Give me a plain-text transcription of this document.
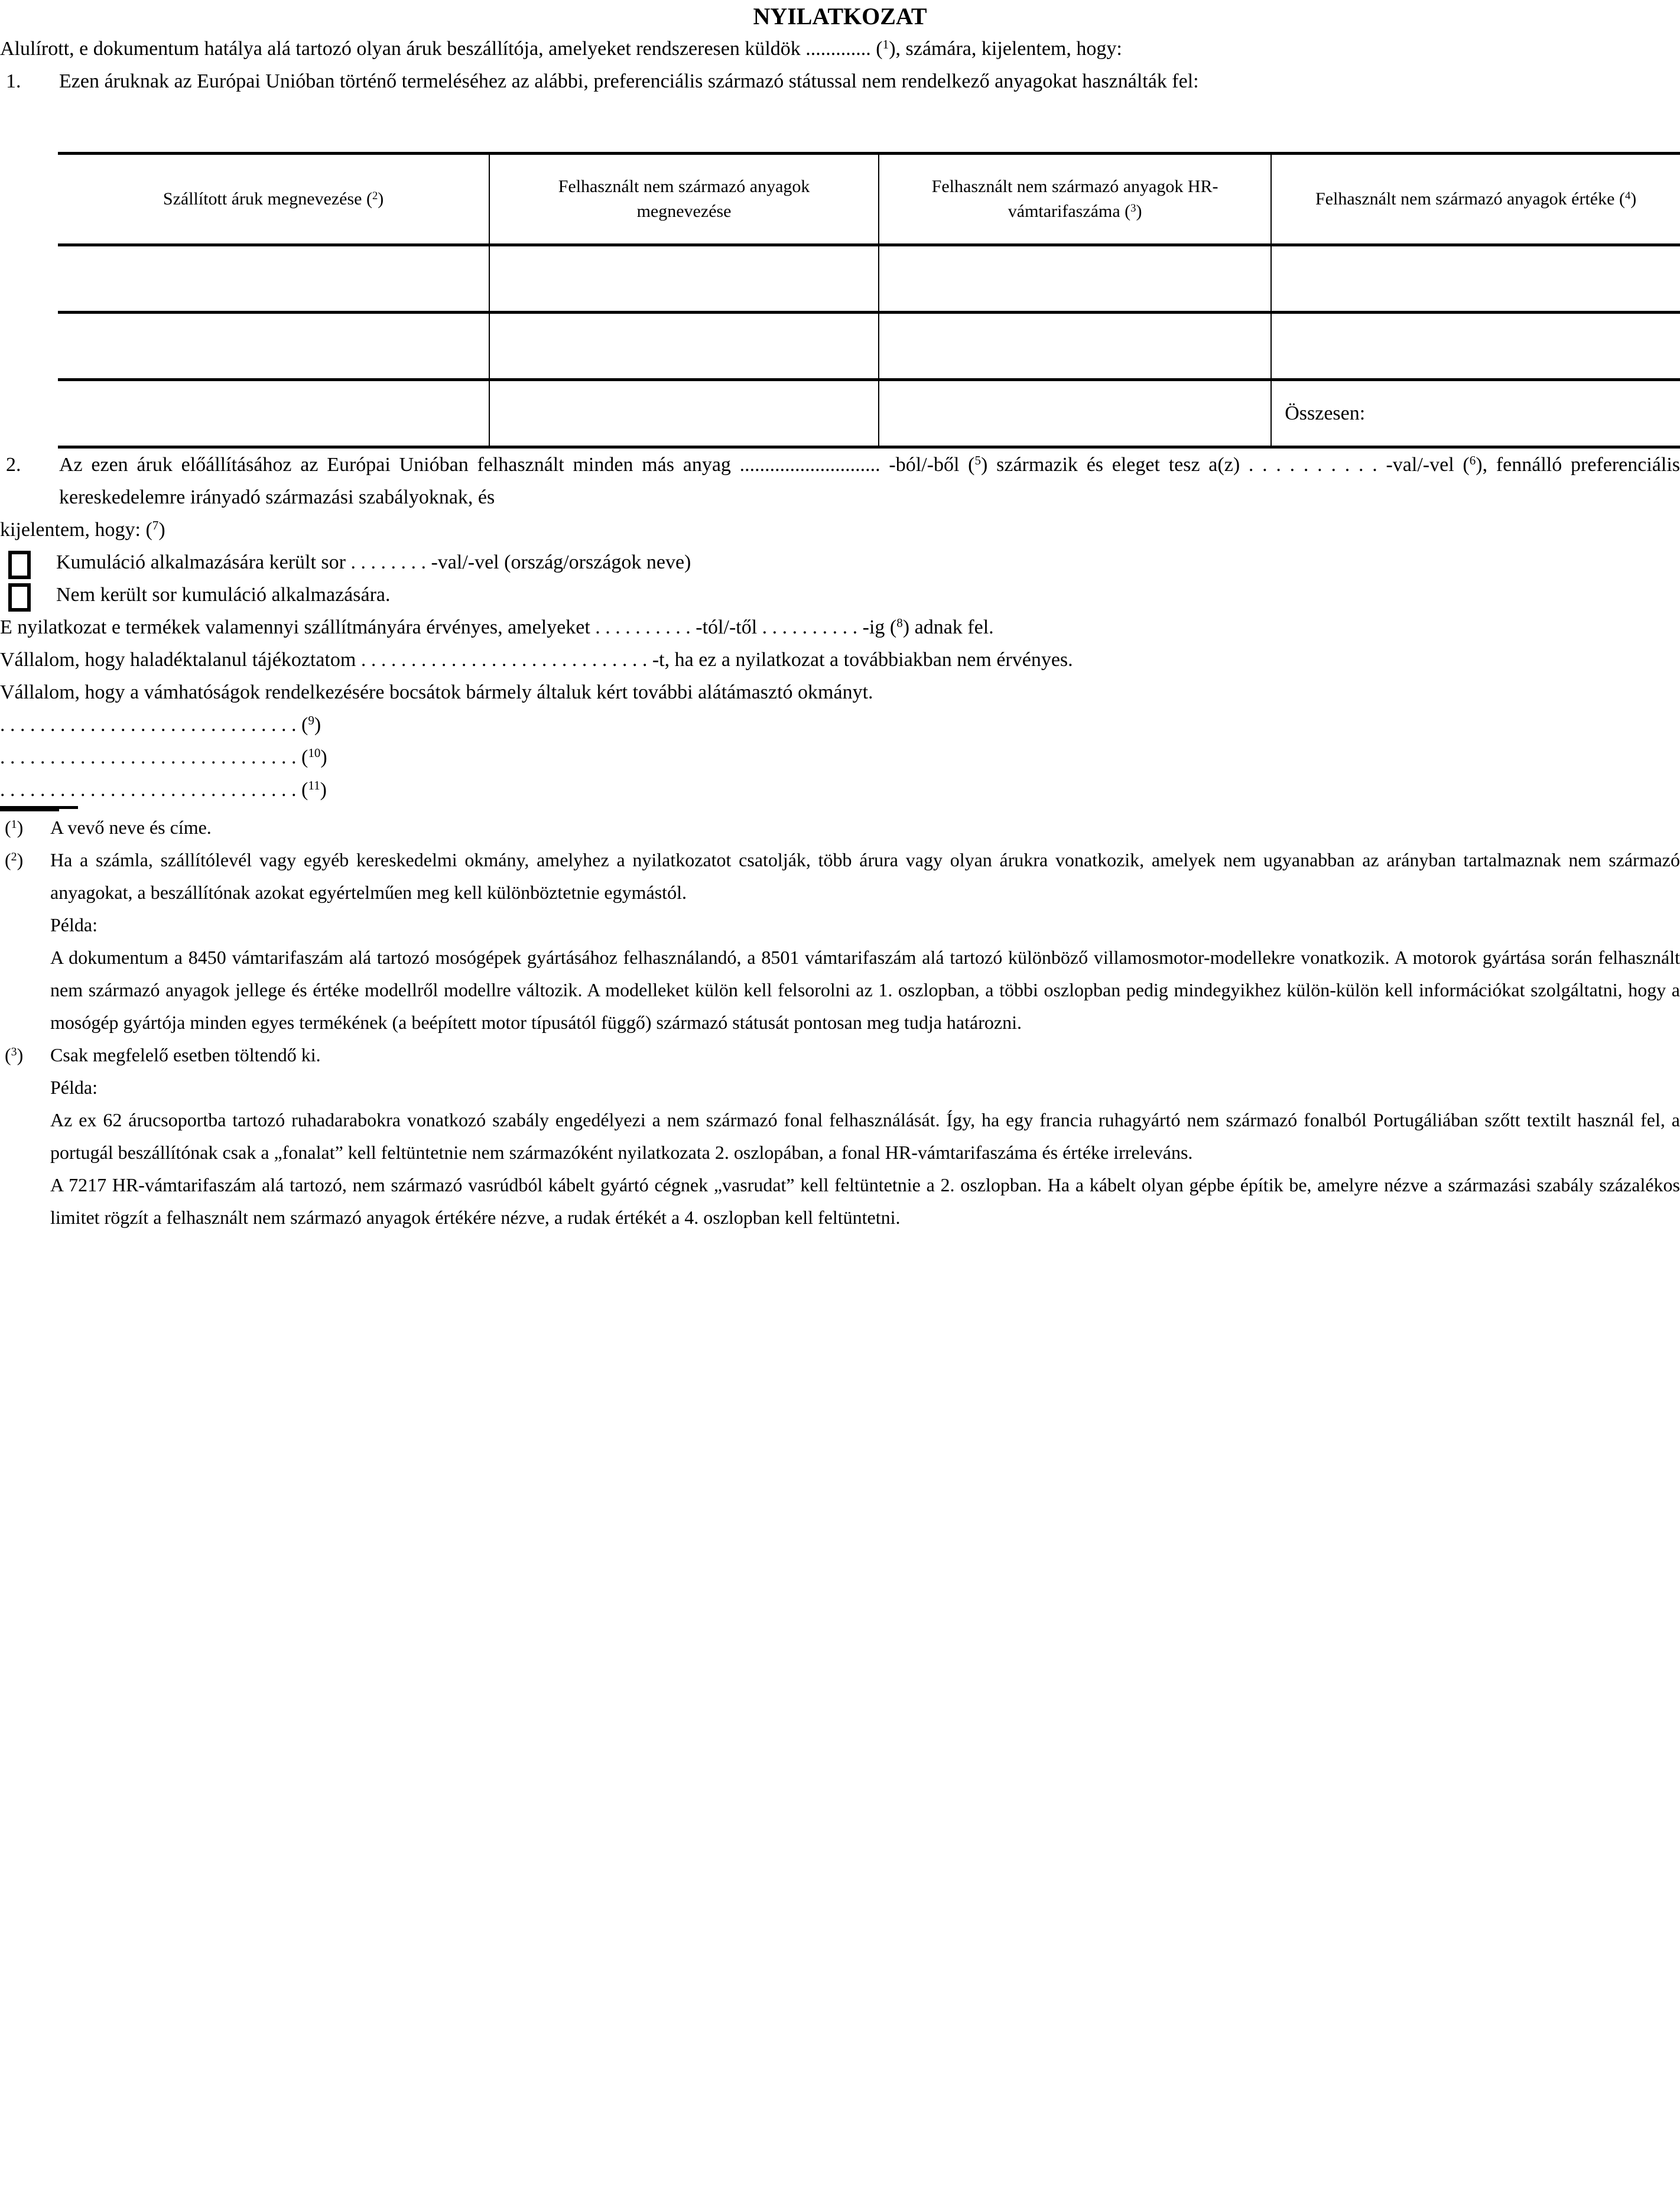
NYILATKOZAT

Alulírott, e dokumentum hatálya alá tartozó olyan áruk beszállítója, amelyeket rendszeresen küldök ............. ($^1$), számára, kijelentem, hogy:

1. Ezen áruknak az Európai Unióban történő termeléséhez az alábbi, preferenciális származó státussal nem rendelkező anyagokat használták fel:
Szállított áruk megnevezése ($^2$)	Felhasznált nem származó anyagok megnevezése	Felhasznált nem származó anyagok HR-vámtarifaszáma ($^3$)	Felhasznált nem származó anyagok értéke ($^4$)

			Összesen:
2. Az ezen áruk előállításához az Európai Unióban felhasznált minden más anyag ............................ -ból/-ből ($^5$) származik és eleget tesz a(z) . . . . . . . . . . -val/-vel ($^6$), fennálló preferenciális kereskedelemre irányadó származási szabályoknak, és

kijelentem, hogy: ($^7$)

Kumuláció alkalmazására került sor . . . . . . . . -val/-vel (ország/országok neve)
Nem került sor kumuláció alkalmazására.

E nyilatkozat e termékek valamennyi szállítmányára érvényes, amelyeket . . . . . . . . . . -tól/-től . . . . . . . . . . -ig ($^8$) adnak fel.

Vállalom, hogy haladéktalanul tájékoztatom . . . . . . . . . . . . . . . . . . . . . . . . . . . . . -t, ha ez a nyilatkozat a továbbiakban nem érvényes.

Vállalom, hogy a vámhatóságok rendelkezésére bocsátok bármely általuk kért további alátámasztó okmányt.

. . . . . . . . . . . . . . . . . . . . . . . . . . . . . . ($^9$)
. . . . . . . . . . . . . . . . . . . . . . . . . . . . . . ($^{10}$)
. . . . . . . . . . . . . . . . . . . . . . . . . . . . . . ($^{11}$)
($^1$) A vevő neve és címe.
($^2$) Ha a számla, szállítólevél vagy egyéb kereskedelmi okmány, amelyhez a nyilatkozatot csatolják, több árura vagy olyan árukra vonatkozik, amelyek nem ugyanabban az arányban tartalmaznak nem származó anyagokat, a beszállítónak azokat egyértelműen meg kell különböztetnie egymástól.
Példa:
A dokumentum a 8450 vámtarifaszám alá tartozó mosógépek gyártásához felhasználandó, a 8501 vámtarifaszám alá tartozó különböző villamosmotor-modellekre vonatkozik. A motorok gyártása során felhasznált nem származó anyagok jellege és értéke modellről modellre változik. A modelleket külön kell felsorolni az 1. oszlopban, a többi oszlopban pedig mindegyikhez külön-külön kell információkat szolgáltatni, hogy a mosógép gyártója minden egyes termékének (a beépített motor típusától függő) származó státusát pontosan meg tudja határozni.
($^3$) Csak megfelelő esetben töltendő ki.
Példa:
Az ex 62 árucsoportba tartozó ruhadarabokra vonatkozó szabály engedélyezi a nem származó fonal felhasználását. Így, ha egy francia ruhagyártó nem származó fonalból Portugáliában szőtt textilt használ fel, a portugál beszállítónak csak a „fonalat” kell feltüntetnie nem származóként nyilatkozata 2. oszlopában, a fonal HR-vámtarifaszáma és értéke irreleváns.
A 7217 HR-vámtarifaszám alá tartozó, nem származó vasrúdból kábelt gyártó cégnek „vasrudat” kell feltüntetnie a 2. oszlopban. Ha a kábelt olyan gépbe építik be, amelyre nézve a származási szabály százalékos limitet rögzít a felhasznált nem származó anyagok értékére nézve, a rudak értékét a 4. oszlopban kell feltüntetni.
